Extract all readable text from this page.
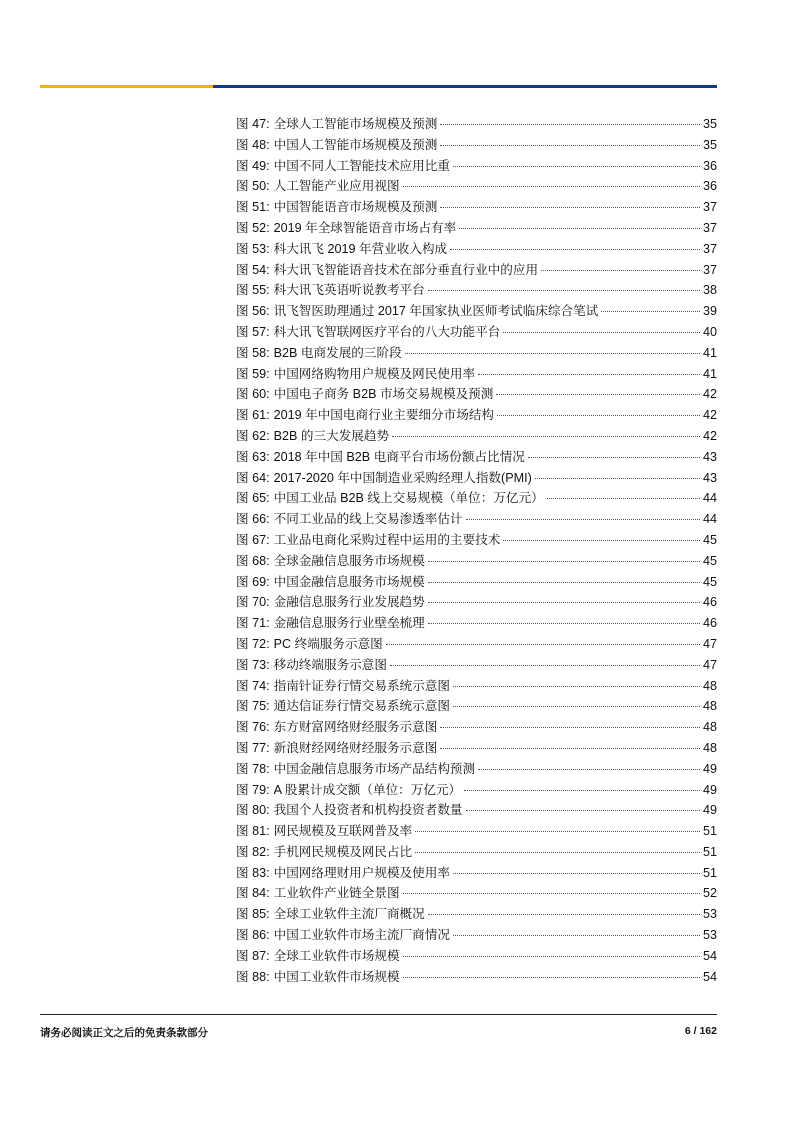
图 47: 全球人工智能市场规模及预测	35
图 48: 中国人工智能市场规模及预测	35
图 49: 中国不同人工智能技术应用比重	36
图 50: 人工智能产业应用视图	36
图 51: 中国智能语音市场规模及预测	37
图 52: 2019 年全球智能语音市场占有率	37
图 53: 科大讯飞 2019 年营业收入构成	37
图 54: 科大讯飞智能语音技术在部分垂直行业中的应用	37
图 55: 科大讯飞英语听说教考平台	38
图 56: 讯飞智医助理通过 2017 年国家执业医师考试临床综合笔试	39
图 57: 科大讯飞智联网医疗平台的八大功能平台	40
图 58: B2B 电商发展的三阶段	41
图 59: 中国网络购物用户规模及网民使用率	41
图 60: 中国电子商务 B2B 市场交易规模及预测	42
图 61: 2019 年中国电商行业主要细分市场结构	42
图 62: B2B 的三大发展趋势	42
图 63: 2018 年中国 B2B 电商平台市场份额占比情况	43
图 64: 2017-2020 年中国制造业采购经理人指数(PMI)	43
图 65: 中国工业品 B2B 线上交易规模（单位：万亿元）	44
图 66: 不同工业品的线上交易渗透率估计	44
图 67: 工业品电商化采购过程中运用的主要技术	45
图 68: 全球金融信息服务市场规模	45
图 69: 中国金融信息服务市场规模	45
图 70: 金融信息服务行业发展趋势	46
图 71: 金融信息服务行业壁垒梳理	46
图 72: PC 终端服务示意图	47
图 73: 移动终端服务示意图	47
图 74: 指南针证券行情交易系统示意图	48
图 75: 通达信证券行情交易系统示意图	48
图 76: 东方财富网络财经服务示意图	48
图 77: 新浪财经网络财经服务示意图	48
图 78: 中国金融信息服务市场产品结构预测	49
图 79: A 股累计成交额（单位：万亿元）	49
图 80: 我国个人投资者和机构投资者数量	49
图 81: 网民规模及互联网普及率	51
图 82: 手机网民规模及网民占比	51
图 83: 中国网络理财用户规模及使用率	51
图 84: 工业软件产业链全景图	52
图 85: 全球工业软件主流厂商概况	53
图 86: 中国工业软件市场主流厂商情况	53
图 87: 全球工业软件市场规模	54
图 88: 中国工业软件市场规模	54
请务必阅读正文之后的免责条款部分	6 / 162
